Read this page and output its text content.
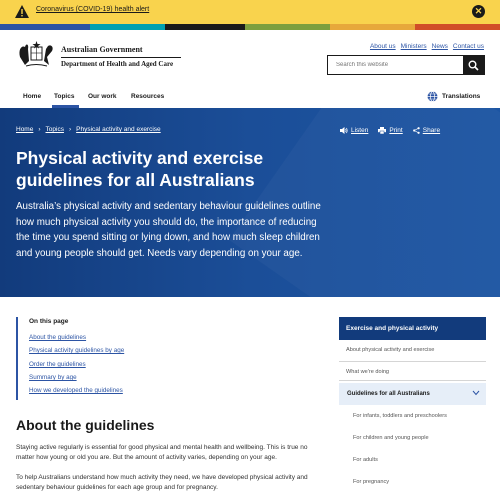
Coronavirus (COVID-19) health alert	✕
Australian Government
Department of Health and Aged Care
About us Ministers News Contact us
Search this website
Home Topics Our work Resources	Translations
Home › Topics › Physical activity and exercise	Listen	Print	Share
Physical activity and exercise guidelines for all Australians

Australia’s physical activity and sedentary behaviour guidelines outline how much physical activity you should do, the importance of reducing the time you spend sitting or lying down, and how much sleep children and young people should get. Needs vary depending on your age.

On this page
About the guidelines
Physical activity guidelines by age
Order the guidelines
Summary by age
How we developed the guidelines
About the guidelines

Staying active regularly is essential for good physical and mental health and wellbeing. This is true no matter how young or old you are. But the amount of activity varies, depending on your age.

To help Australians understand how much activity they need, we have developed physical activity and sedentary behaviour guidelines for each age group and for pregnancy.

Exercise and physical activity
About physical activity and exercise
What we're doing
Guidelines for all Australians
For infants, toddlers and preschoolers
For children and young people
For adults
For pregnancy
